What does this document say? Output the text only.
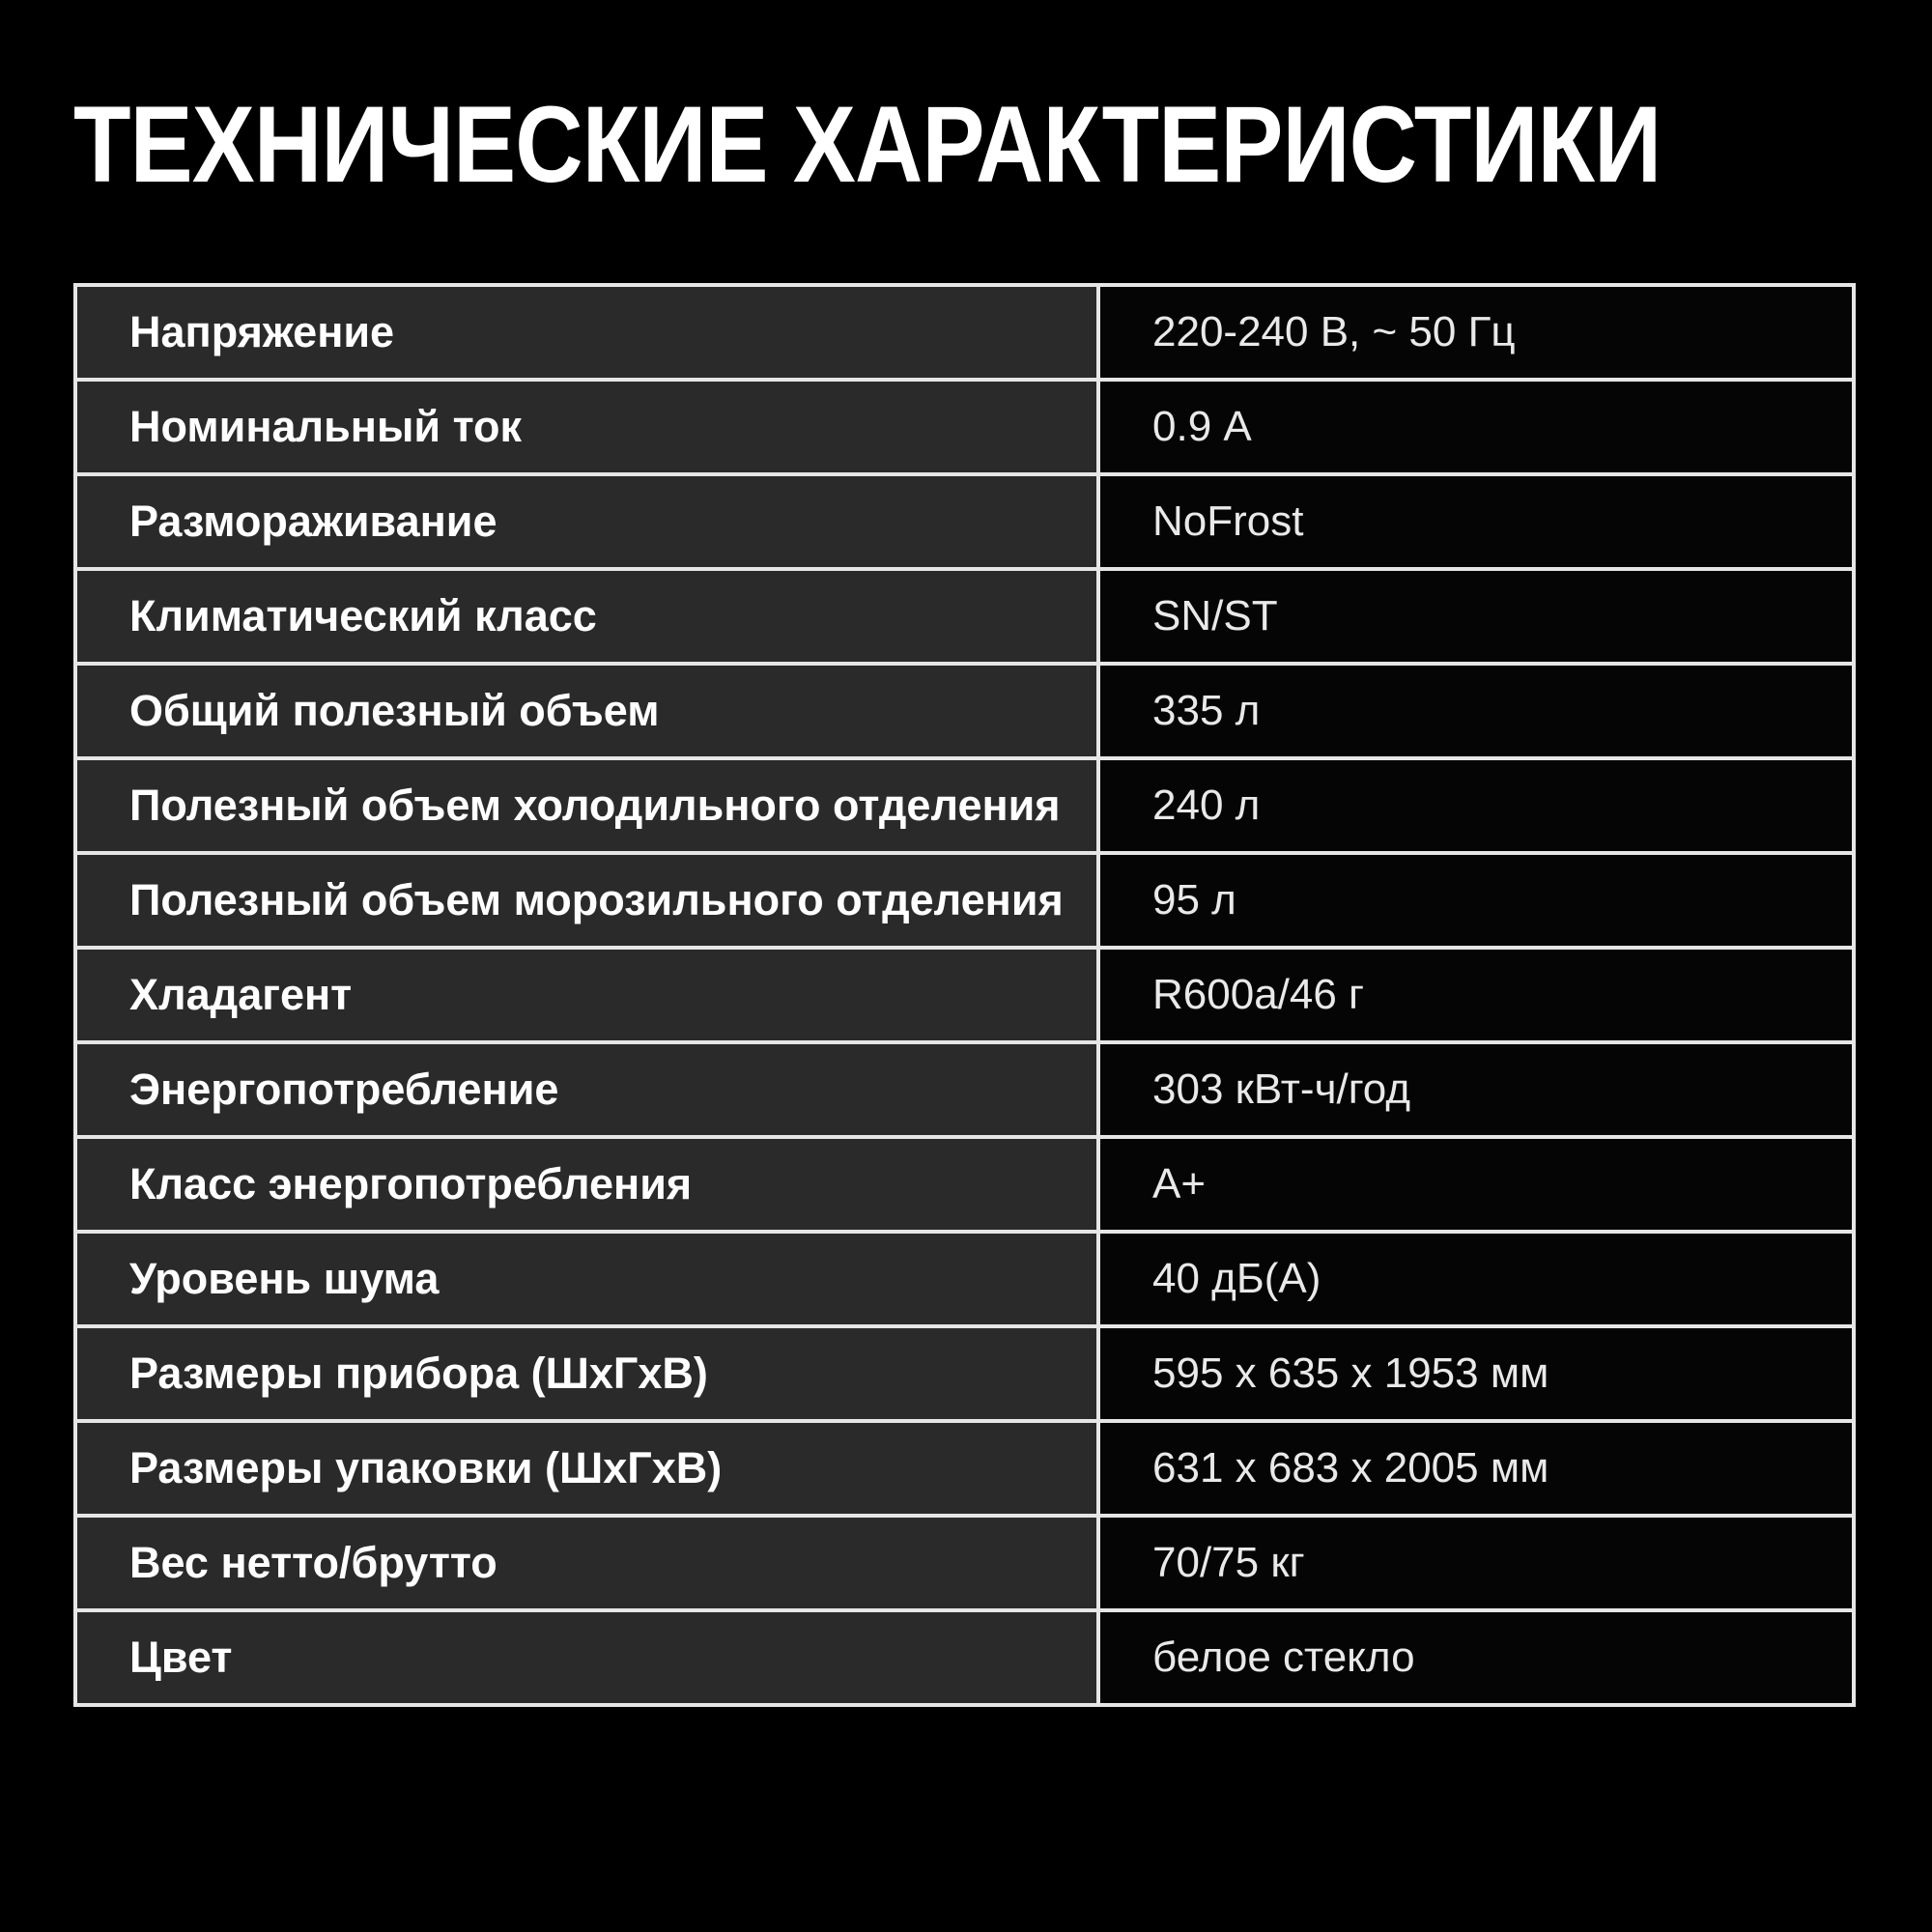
ТЕХНИЧЕСКИЕ ХАРАКТЕРИСТИКИ
Напряжение	220-240 В, ~ 50 Гц
Номинальный ток	0.9 А
Размораживание	NoFrost
Климатический класс	SN/ST
Общий полезный объем	335 л
Полезный объем холодильного отделения	240 л
Полезный объем морозильного отделения	95 л
Хладагент	R600a/46 г
Энергопотребление	303 кВт-ч/год
Класс энергопотребления	А+
Уровень шума	40 дБ(А)
Размеры прибора (ШхГхВ)	595 х 635 х 1953 мм
Размеры упаковки (ШхГхВ)	631 х 683 х 2005 мм
Вес нетто/брутто	70/75 кг
Цвет	белое стекло
